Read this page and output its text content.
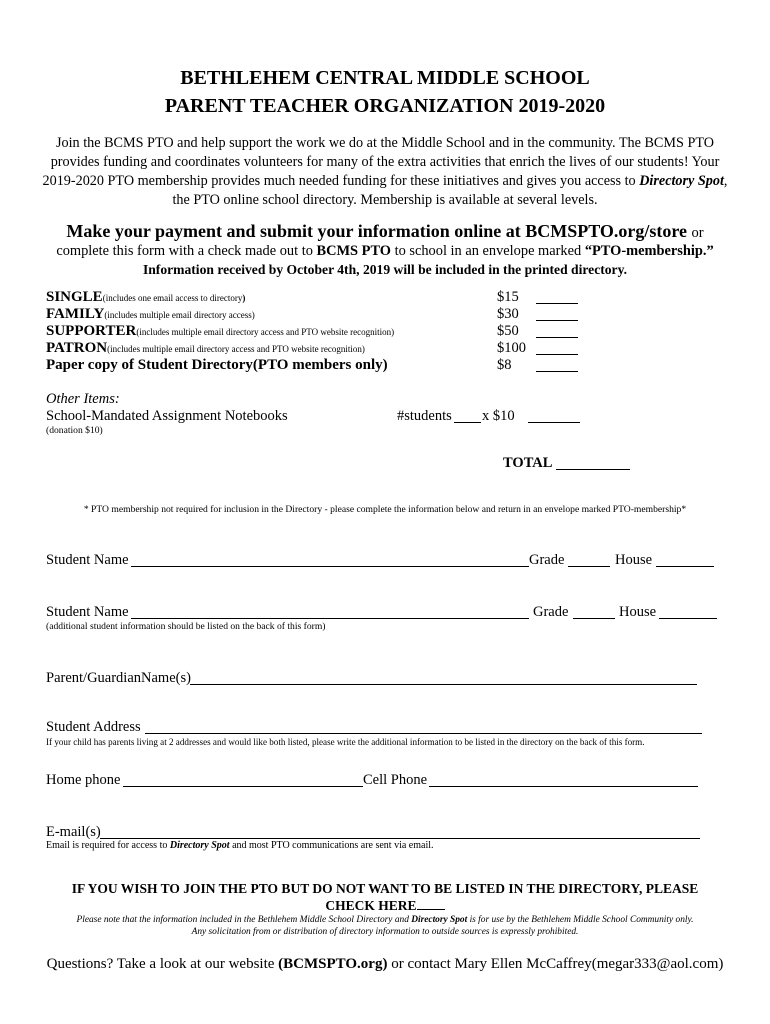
BETHLEHEM CENTRAL MIDDLE SCHOOL
PARENT TEACHER ORGANIZATION 2019-2020
Join the BCMS PTO and help support the work we do at the Middle School and in the community. The BCMS PTO provides funding and coordinates volunteers for many of the extra activities that enrich the lives of our students! Your 2019-2020 PTO membership provides much needed funding for these initiatives and gives you access to Directory Spot, the PTO online school directory. Membership is available at several levels.
Make your payment and submit your information online at BCMSPTO.org/store or
complete this form with a check made out to BCMS PTO to school in an envelope marked “PTO-membership.”
Information received by October 4th, 2019 will be included in the printed directory.
SINGLE(includes one email access to directory)	$15
FAMILY(includes multiple email directory access)	$30
SUPPORTER(includes multiple email directory access and PTO website recognition)	$50
PATRON(includes multiple email directory access and PTO website recognition)	$100
Paper copy of Student Directory(PTO members only)	$8
Other Items:
School-Mandated Assignment Notebooks	#students x $10
(donation $10)
TOTAL
* PTO membership not required for inclusion in the Directory - please complete the information below and return in an envelope marked PTO-membership*
Student Name	Grade	House
Student Name	Grade	House
(additional student information should be listed on the back of this form)
Parent/GuardianName(s)
Student Address
If your child has parents living at 2 addresses and would like both listed, please write the additional information to be listed in the directory on the back of this form.
Home phone	Cell Phone
E-mail(s)
Email is required for access to Directory Spot and most PTO communications are sent via email.
IF YOU WISH TO JOIN THE PTO BUT DO NOT WANT TO BE LISTED IN THE DIRECTORY, PLEASE
CHECK HERE
Please note that the information included in the Bethlehem Middle School Directory and Directory Spot is for use by the Bethlehem Middle School Community only.
Any solicitation from or distribution of directory information to outside sources is expressly prohibited.
Questions? Take a look at our website (BCMSPTO.org) or contact Mary Ellen McCaffrey(megar333@aol.com)
